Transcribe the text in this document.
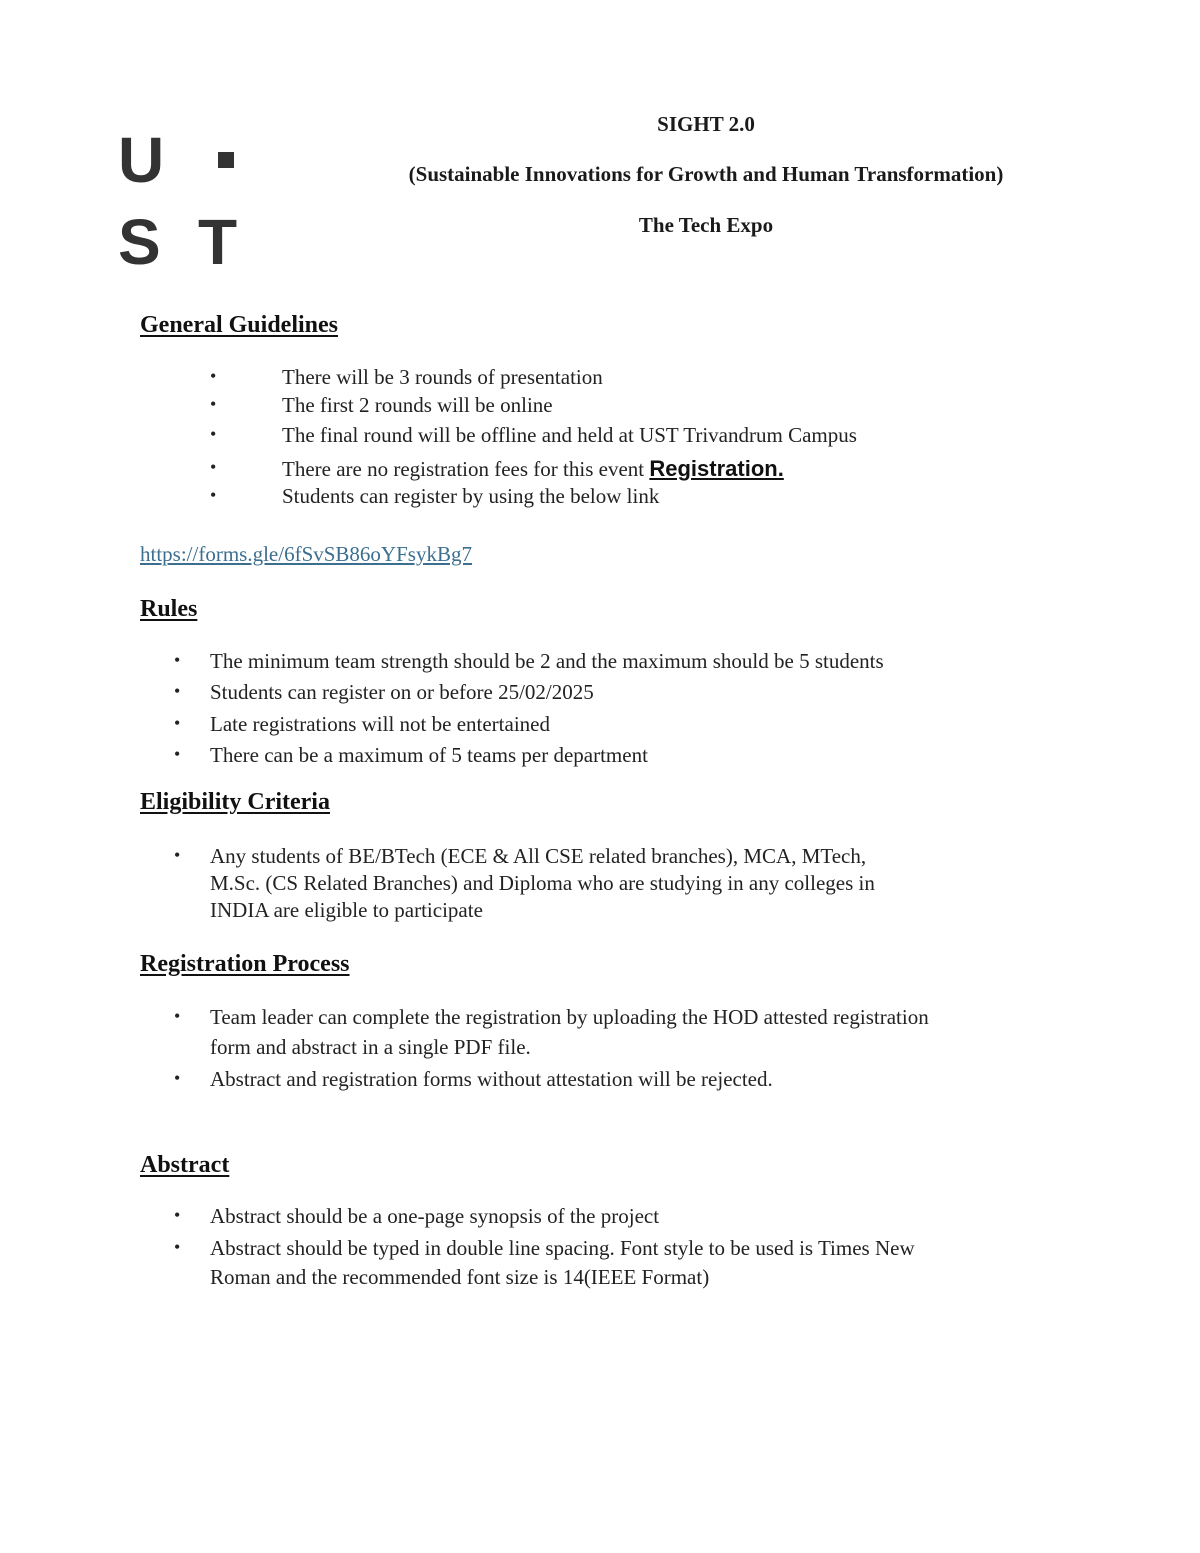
U
S T
SIGHT 2.0
(Sustainable Innovations for Growth and Human Transformation)
The Tech Expo
General Guidelines
•	There will be 3 rounds of presentation
•	The first 2 rounds will be online
•	The final round will be offline and held at UST Trivandrum Campus
•	There are no registration fees for this event Registration.
•	Students can register by using the below link
https://forms.gle/6fSvSB86oYFsykBg7
Rules
• The minimum team strength should be 2 and the maximum should be 5 students
• Students can register on or before 25/02/2025
• Late registrations will not be entertained
• There can be a maximum of 5 teams per department
Eligibility Criteria
• Any students of BE/BTech (ECE & All CSE related branches), MCA, MTech,
M.Sc. (CS Related Branches) and Diploma who are studying in any colleges in
INDIA are eligible to participate
Registration Process
• Team leader can complete the registration by uploading the HOD attested registration
form and abstract in a single PDF file.
• Abstract and registration forms without attestation will be rejected.
Abstract
• Abstract should be a one-page synopsis of the project
• Abstract should be typed in double line spacing. Font style to be used is Times New
Roman and the recommended font size is 14(IEEE Format)
